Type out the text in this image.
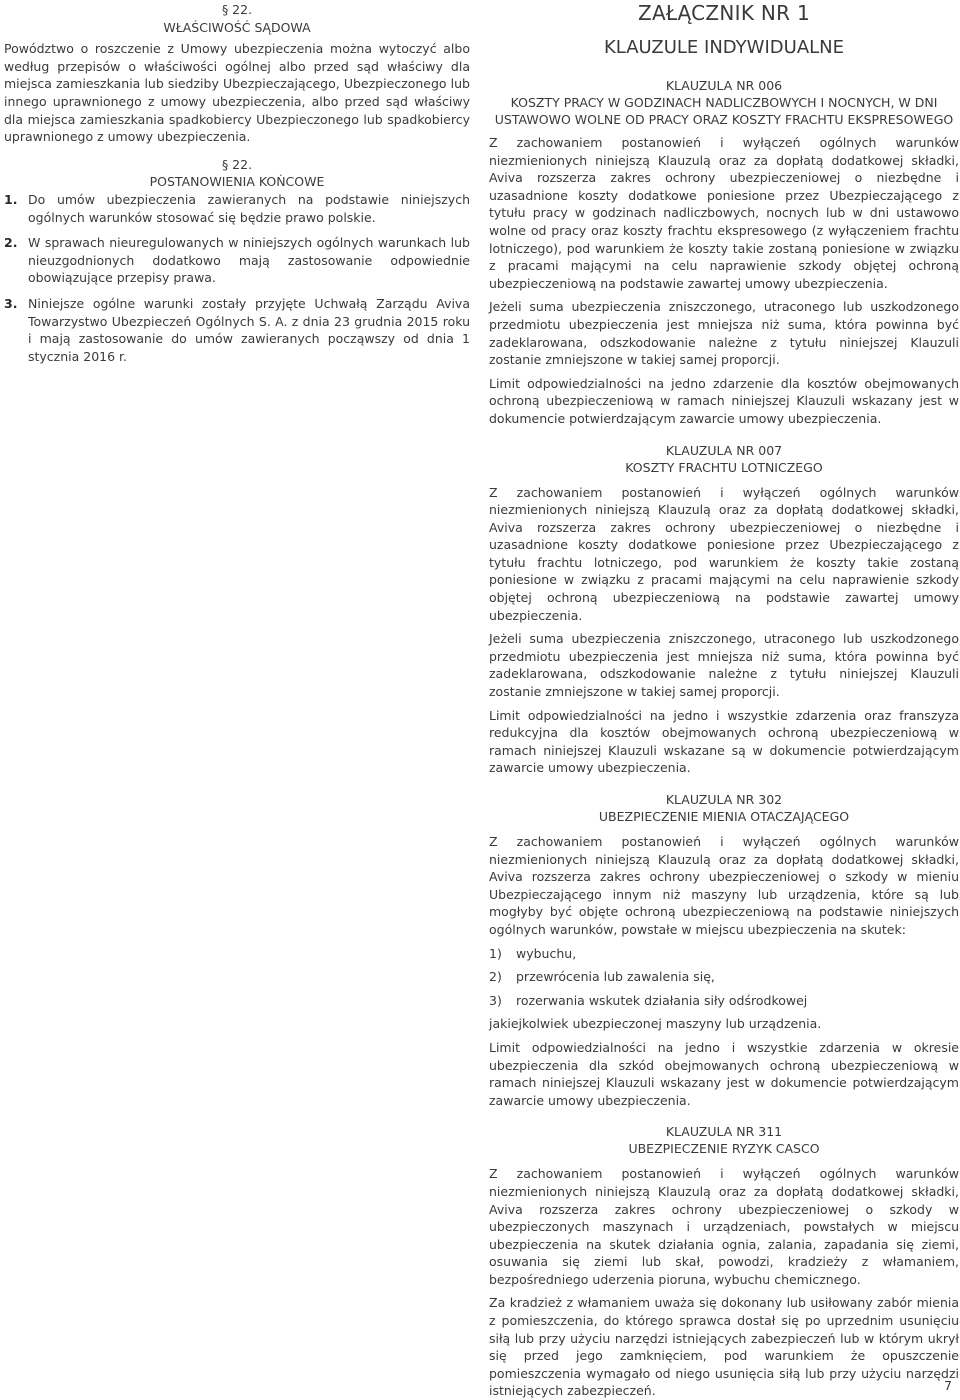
§ 22.

WŁAŚCIWOŚĆ SĄDOWA

Powództwo o roszczenie z Umowy ubezpieczenia można wytoczyć albo według przepisów o właściwości ogólnej albo przed sąd właściwy dla miejsca zamieszkania lub siedziby Ubezpieczającego, Ubezpieczonego lub innego uprawnionego z umowy ubezpieczenia, albo przed sąd właściwy dla miejsca zamieszkania spadkobiercy Ubezpieczonego lub spadkobiercy uprawnionego z umowy ubezpieczenia.

§ 22.

POSTANOWIENIA KOŃCOWE

1. Do umów ubezpieczenia zawieranych na podstawie niniejszych ogólnych warunków stosować się będzie prawo polskie.
2. W sprawach nieuregulowanych w niniejszych ogólnych warunkach lub nieuzgodnionych dodatkowo mają zastosowanie odpowiednie obowiązujące przepisy prawa.
3. Niniejsze ogólne warunki zostały przyjęte Uchwałą Zarządu Aviva Towarzystwo Ubezpieczeń Ogólnych S. A. z dnia 23 grudnia 2015 roku i mają zastosowanie do umów zawieranych począwszy od dnia 1 stycznia 2016 r.

ZAŁĄCZNIK NR 1

KLAUZULE INDYWIDUALNE

KLAUZULA NR 006

KOSZTY PRACY W GODZINACH NADLICZBOWYCH I NOCNYCH, W DNI USTAWOWO WOLNE OD PRACY ORAZ KOSZTY FRACHTU EKSPRESOWEGO

Z zachowaniem postanowień i wyłączeń ogólnych warunków niezmienionych niniejszą Klauzulą oraz za dopłatą dodatkowej składki, Aviva rozszerza zakres ochrony ubezpieczeniowej o niezbędne i uzasadnione koszty dodatkowe poniesione przez Ubezpieczającego z tytułu pracy w godzinach nadliczbowych, nocnych lub w dni ustawowo wolne od pracy oraz koszty frachtu ekspresowego (z wyłączeniem frachtu lotniczego), pod warunkiem że koszty takie zostaną poniesione w związku z pracami mającymi na celu naprawienie szkody objętej ochroną ubezpieczeniową na podstawie zawartej umowy ubezpieczenia.

Jeżeli suma ubezpieczenia zniszczonego, utraconego lub uszkodzonego przedmiotu ubezpieczenia jest mniejsza niż suma, która powinna być zadeklarowana, odszkodowanie należne z tytułu niniejszej Klauzuli zostanie zmniejszone w takiej samej proporcji.

Limit odpowiedzialności na jedno zdarzenie dla kosztów obejmowanych ochroną ubezpieczeniową w ramach niniejszej Klauzuli wskazany jest w dokumencie potwierdzającym zawarcie umowy ubezpieczenia.

KLAUZULA NR 007

KOSZTY FRACHTU LOTNICZEGO

Z zachowaniem postanowień i wyłączeń ogólnych warunków niezmienionych niniejszą Klauzulą oraz za dopłatą dodatkowej składki, Aviva rozszerza zakres ochrony ubezpieczeniowej o niezbędne i uzasadnione koszty dodatkowe poniesione przez Ubezpieczającego z tytułu frachtu lotniczego, pod warunkiem że koszty takie zostaną poniesione w związku z pracami mającymi na celu naprawienie szkody objętej ochroną ubezpieczeniową na podstawie zawartej umowy ubezpieczenia.

Jeżeli suma ubezpieczenia zniszczonego, utraconego lub uszkodzonego przedmiotu ubezpieczenia jest mniejsza niż suma, która powinna być zadeklarowana, odszkodowanie należne z tytułu niniejszej Klauzuli zostanie zmniejszone w takiej samej proporcji.

Limit odpowiedzialności na jedno i wszystkie zdarzenia oraz franszyza redukcyjna dla kosztów obejmowanych ochroną ubezpieczeniową w ramach niniejszej Klauzuli wskazane są w dokumencie potwierdzającym zawarcie umowy ubezpieczenia.

KLAUZULA NR 302

UBEZPIECZENIE MIENIA OTACZAJĄCEGO

Z zachowaniem postanowień i wyłączeń ogólnych warunków niezmienionych niniejszą Klauzulą oraz za dopłatą dodatkowej składki, Aviva rozszerza zakres ochrony ubezpieczeniowej o szkody w mieniu Ubezpieczającego innym niż maszyny lub urządzenia, które są lub mogłyby być objęte ochroną ubezpieczeniową na podstawie niniejszych ogólnych warunków, powstałe w miejscu ubezpieczenia na skutek:

1)	wybuchu,
2)	przewrócenia lub zawalenia się,
3)	rozerwania wskutek działania siły odśrodkowej

jakiejkolwiek ubezpieczonej maszyny lub urządzenia.

Limit odpowiedzialności na jedno i wszystkie zdarzenia w okresie ubezpieczenia dla szkód obejmowanych ochroną ubezpieczeniową w ramach niniejszej Klauzuli wskazany jest w dokumencie potwierdzającym zawarcie umowy ubezpieczenia.

KLAUZULA NR 311

UBEZPIECZENIE RYZYK CASCO

Z zachowaniem postanowień i wyłączeń ogólnych warunków niezmienionych niniejszą Klauzulą oraz za dopłatą dodatkowej składki, Aviva rozszerza zakres ochrony ubezpieczeniowej o szkody w ubezpieczonych maszynach i urządzeniach, powstałych w miejscu ubezpieczenia na skutek działania ognia, zalania, zapadania się ziemi, osuwania się ziemi lub skał, powodzi, kradzieży z włamaniem, bezpośredniego uderzenia pioruna, wybuchu chemicznego.

Za kradzież z włamaniem uważa się dokonany lub usiłowany zabór mienia z pomieszczenia, do którego sprawca dostał się po uprzednim usunięciu siłą lub przy użyciu narzędzi istniejących zabezpieczeń lub w którym ukrył się przed jego zamknięciem, pod warunkiem że opuszczenie pomieszczenia wymagało od niego usunięcia siłą lub przy użyciu narzędzi istniejących zabezpieczeń.	7
